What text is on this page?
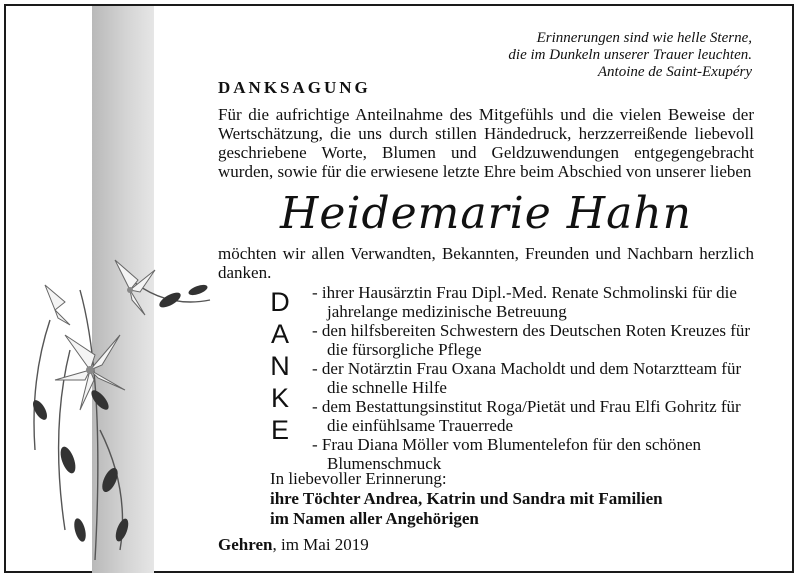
Erinnerungen sind wie helle Sterne,
die im Dunkeln unserer Trauer leuchten.
Antoine de Saint-Exupéry
DANKSAGUNG
Für die aufrichtige Anteilnahme des Mitgefühls und die vielen Beweise der Wertschätzung, die uns durch stillen Händedruck, herzzerreißende liebevoll geschriebene Worte, Blumen und Geldzuwendungen entgegengebracht wurden, sowie für die erwiesene letzte Ehre beim Abschied von unserer lieben
Heidemarie Hahn
möchten wir allen Verwandten, Bekannten, Freunden und Nachbarn herzlich danken.
D
A
N
K
E
- ihrer Hausärztin Frau Dipl.-Med. Renate Schmolinski für die jahrelange medizinische Betreuung
- den hilfsbereiten Schwestern des Deutschen Roten Kreuzes für die fürsorgliche Pflege
- der Notärztin Frau Oxana Macholdt und dem Notarztteam für die schnelle Hilfe
- dem Bestattungsinstitut Roga/Pietät und Frau Elfi Gohritz für die einfühlsame Trauerrede
- Frau Diana Möller vom Blumentelefon für den schönen Blumenschmuck
In liebevoller Erinnerung:
ihre Töchter Andrea, Katrin und Sandra mit Familien
im Namen aller Angehörigen
Gehren, im Mai 2019
